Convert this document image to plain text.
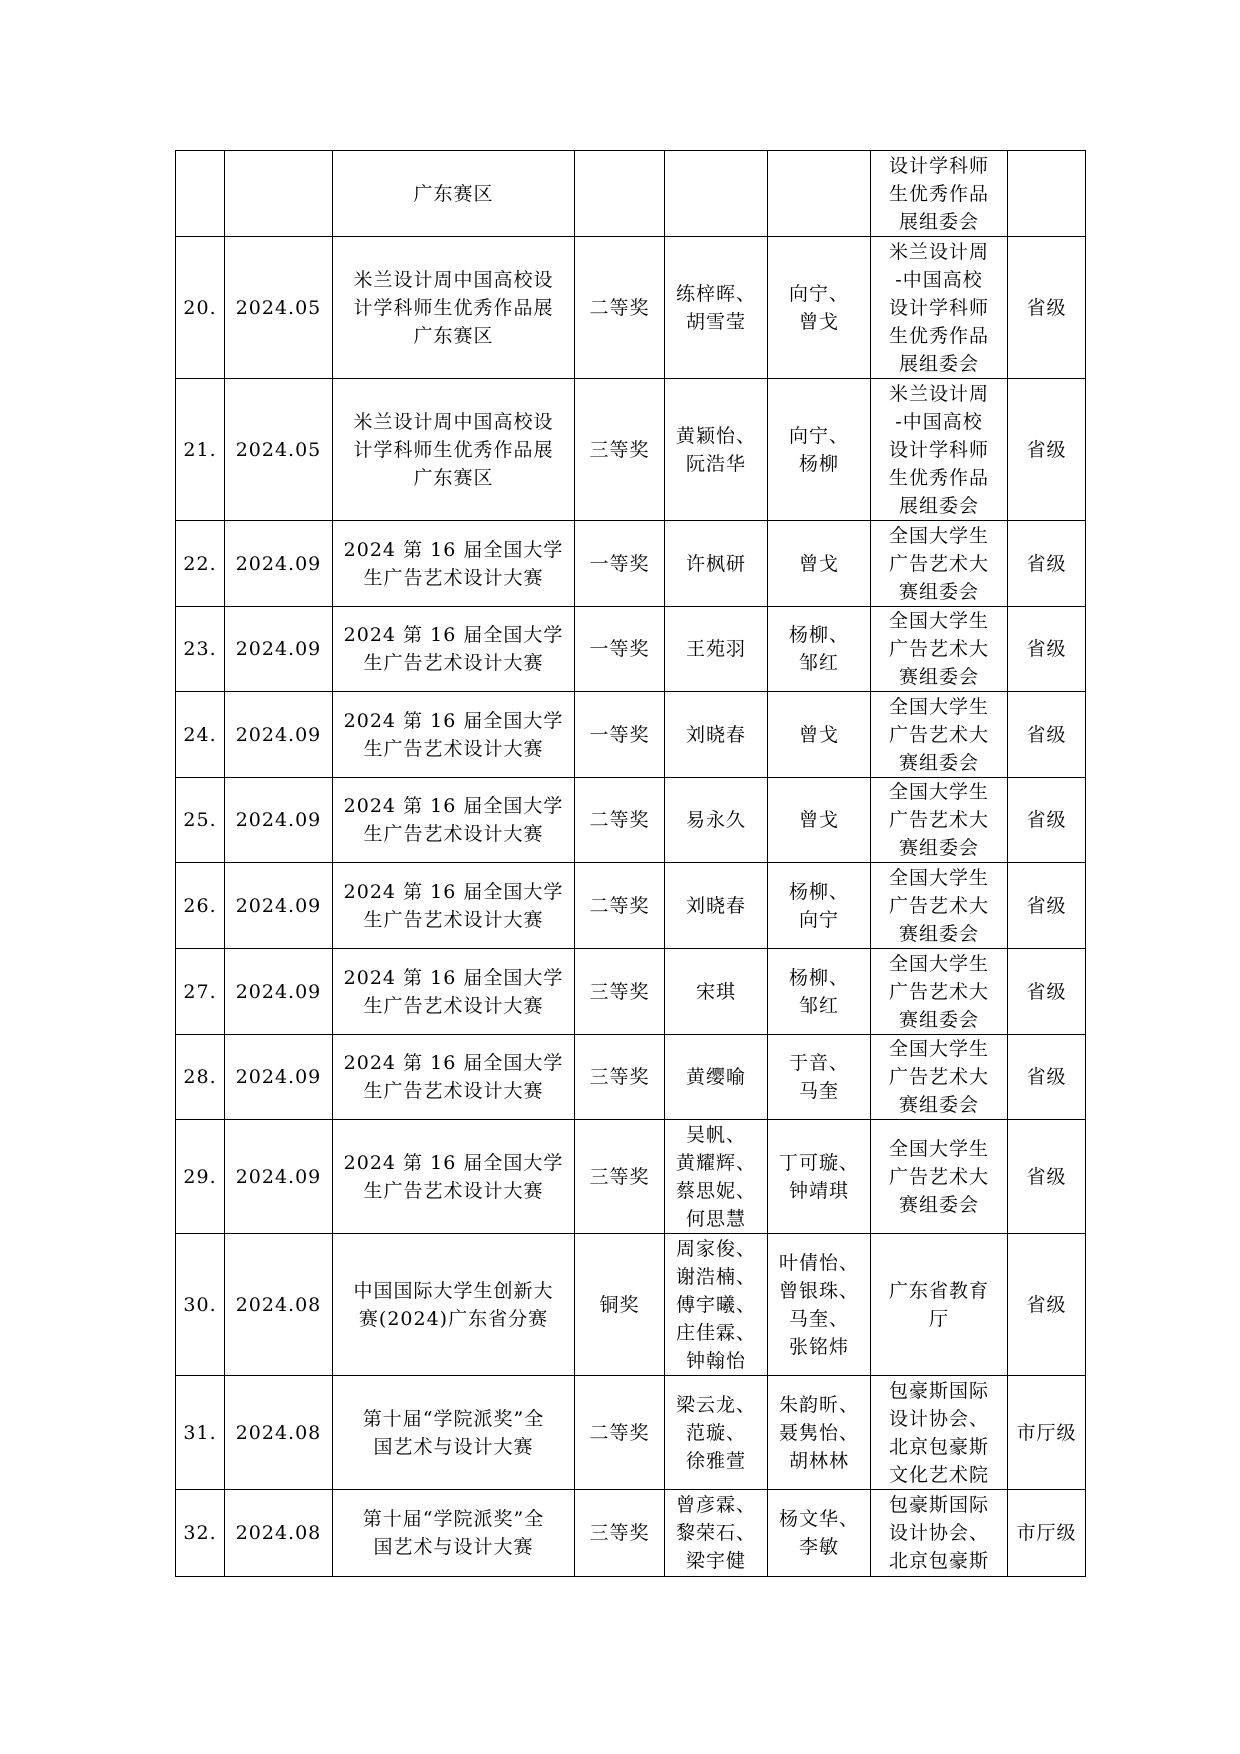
		广东赛区				设计学科师
生优秀作品
展组委会	

20.	2024.05	米兰设计周中国高校设
计学科师生优秀作品展
广东赛区	二等奖	练梓晖、
胡雪莹	向宁、
曾戈	米兰设计周
-中国高校
设计学科师
生优秀作品
展组委会	省级
21.	2024.05	米兰设计周中国高校设
计学科师生优秀作品展
广东赛区	三等奖	黄颖怡、
阮浩华	向宁、
杨柳	米兰设计周
-中国高校
设计学科师
生优秀作品
展组委会	省级
22.	2024.09	2024 第 16 届全国大学
生广告艺术设计大赛	一等奖	许枫研	曾戈	全国大学生
广告艺术大
赛组委会	省级
23.	2024.09	2024 第 16 届全国大学
生广告艺术设计大赛	一等奖	王苑羽	杨柳、
邹红	全国大学生
广告艺术大
赛组委会	省级
24.	2024.09	2024 第 16 届全国大学
生广告艺术设计大赛	一等奖	刘晓春	曾戈	全国大学生
广告艺术大
赛组委会	省级
25.	2024.09	2024 第 16 届全国大学
生广告艺术设计大赛	二等奖	易永久	曾戈	全国大学生
广告艺术大
赛组委会	省级
26.	2024.09	2024 第 16 届全国大学
生广告艺术设计大赛	二等奖	刘晓春	杨柳、
向宁	全国大学生
广告艺术大
赛组委会	省级
27.	2024.09	2024 第 16 届全国大学
生广告艺术设计大赛	三等奖	宋琪	杨柳、
邹红	全国大学生
广告艺术大
赛组委会	省级
28.	2024.09	2024 第 16 届全国大学
生广告艺术设计大赛	三等奖	黄缨喻	于音、
马奎	全国大学生
广告艺术大
赛组委会	省级
29.	2024.09	2024 第 16 届全国大学
生广告艺术设计大赛	三等奖	吴帆、
黄耀辉、
蔡思妮、
何思慧	丁可璇、
钟靖琪	全国大学生
广告艺术大
赛组委会	省级
30.	2024.08	中国国际大学生创新大
赛(2024)广东省分赛	铜奖	周家俊、
谢浩楠、
傅宇曦、
庄佳霖、
钟翰怡	叶倩怡、
曾银珠、
马奎、
张铭炜	广东省教育
厅	省级
31.	2024.08	第十届“学院派奖”全
国艺术与设计大赛	二等奖	梁云龙、
范璇、
徐雅萱	朱韵昕、
聂隽怡、
胡林林	包豪斯国际
设计协会、
北京包豪斯
文化艺术院	市厅级
32.	2024.08	第十届“学院派奖”全
国艺术与设计大赛	三等奖	曾彦霖、
黎荣石、
梁宇健	杨文华、
李敏	包豪斯国际
设计协会、
北京包豪斯	市厅级
